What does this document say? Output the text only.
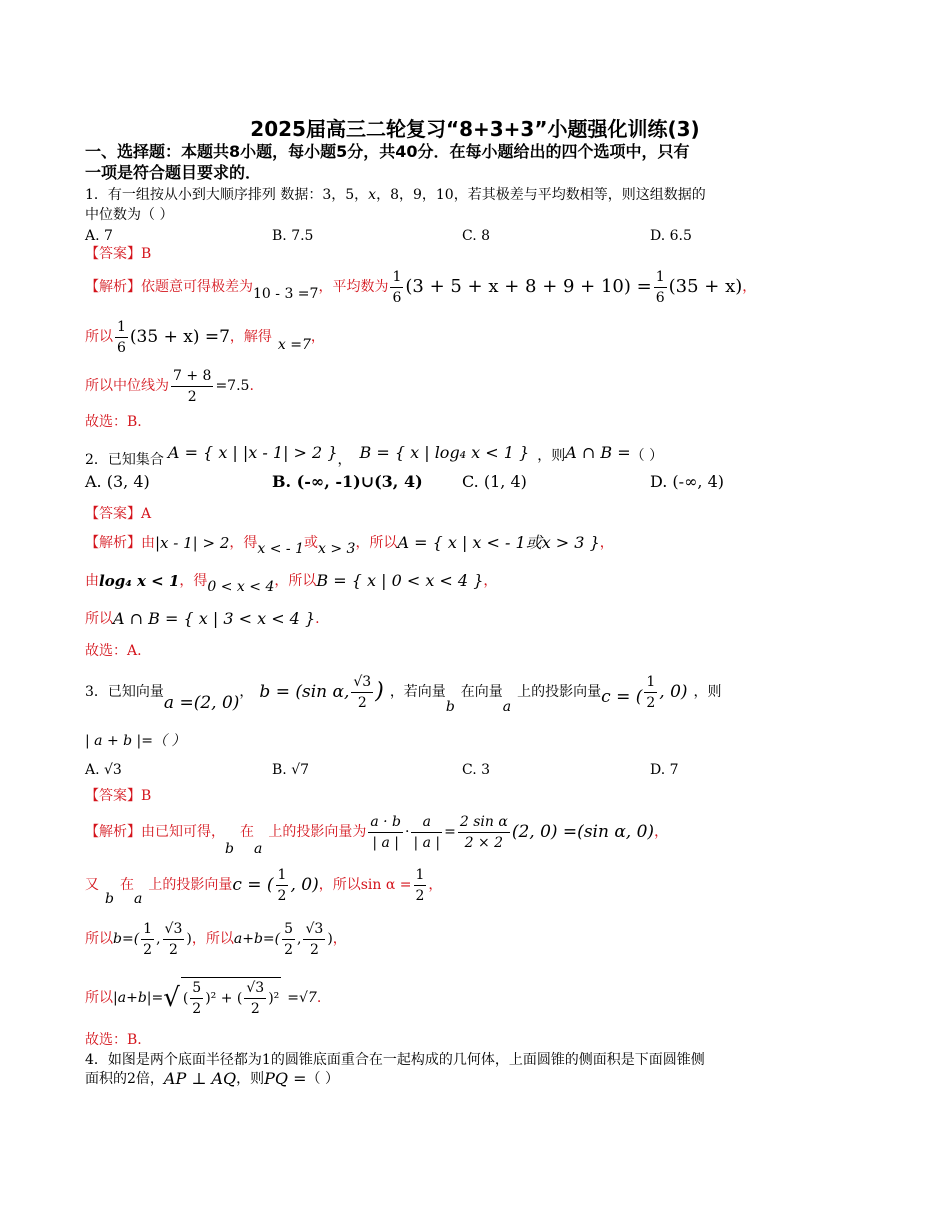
2025届高三二轮复习“8+3+3”小题强化训练(3)
一、选择题：本题共8小题，每小题5分，共40分．在每小题给出的四个选项中，只有
一项是符合题目要求的．
1．有一组按从小到大顺序排列 数据：3，5，x，8，9，10，若其极差与平均数相等，则这组数据的
中位数为（ ）
A. 7	B. 7.5	C. 8	D. 6.5
【答案】B
【解析】依题意可得极差为 10 - 3 =7 ，平均数为 $\frac{1}{6} (3 + 5 + x + 8 + 9 + 10) = \frac{1}{6} (35 + x)$ ，
所以 $\frac{1}{6} (35 + x) =7$ ，解得 x =7 ，
所以中位线为 $\frac{7 + 8}{2} =7.5$ .
故选：B.
2．已知集合 A = { x | |x - 1| > 2 } ， B = { x | log₄ x < 1 } ，则 A ∩ B = （ ）
A. (3, 4)	B. (-∞, -1)∪(3, 4) C. (1, 4)	D. (-∞, 4)
【答案】A
【解析】由 |x - 1| > 2 ，得 x < - 1 或 x > 3 ，所以 A = { x | x < - 1或x > 3 } ，
由 log₄ x < 1 ，得 0 < x < 4 ，所以 B = { x | 0 < x < 4 } ，
所以 A ∩ B = { x | 3 < x < 4 } .
故选：A.
3．已知向量
a =(2, 0)
， b = (sin α, $\frac{√3}{2}$ ) ，若向量
b
在向量
a
上的投影向量 c = ( $\frac{1}{2}$ , 0) ，则
| a + b |=（ ）
A. √3	B. √7	C. 3	D. 7
【答案】B
【解析】由已知可得，
b
在
a
上的投影向量为 $\frac{a \cdot b}{| a |} \cdot \frac{a}{| a |} = \frac{\text{2 sin α}}{2 \times 2} (2$, 0) =(sin α, 0) ，
又
b
在
a
上的投影向量 c = ( $\frac{1}{2}$ , 0) ，所以$\sin \alpha = \frac{1}{2}$ ，
所以 b =( $\frac{1}{2}$ , $\frac{√3}{2}$ ) ，所以 a + b =( $\frac{5}{2}$ , $\frac{√3}{2}$ ) ，
所以 | a + b |= √ ( $\frac{5}{2} )^2$ + ( $\frac{√3}{2} )^2 =√7$ .
故选：B.
4．如图是两个底面半径都为1的圆锥底面重合在一起构成的几何体，上面圆锥的侧面积是下面圆锥侧
面积的2倍， AP ⊥ AQ ，则 PQ = （ ）
